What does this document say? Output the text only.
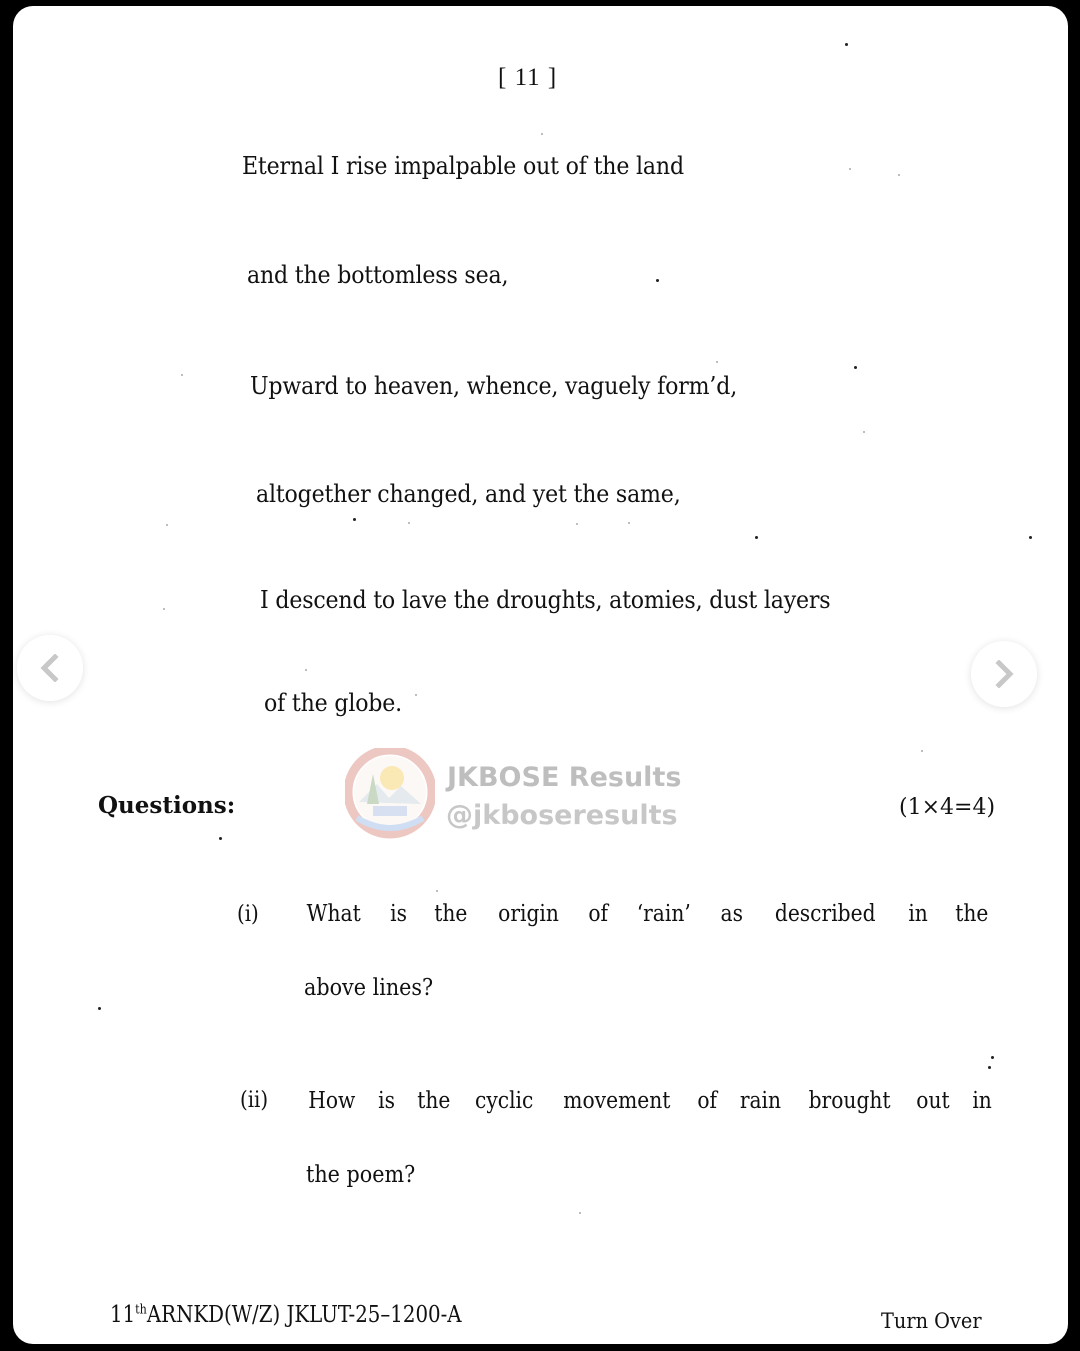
[ 11 ]
Eternal I rise impalpable out of the land
and the bottomless sea,
Upward to heaven, whence, vaguely form’d,
altogether changed, and yet the same,
I descend to lave the droughts, atomies, dust layers
of the globe.
Questions:	(1×4=4)
(i) What is the origin of ‘rain’ as described in the
above lines?
(ii) How is the cyclic movement of rain brought out in
the poem?
11thARNKD(W/Z) JKLUT-25–1200-A	Turn Over
JKBOSE Results
@jkboseresults
